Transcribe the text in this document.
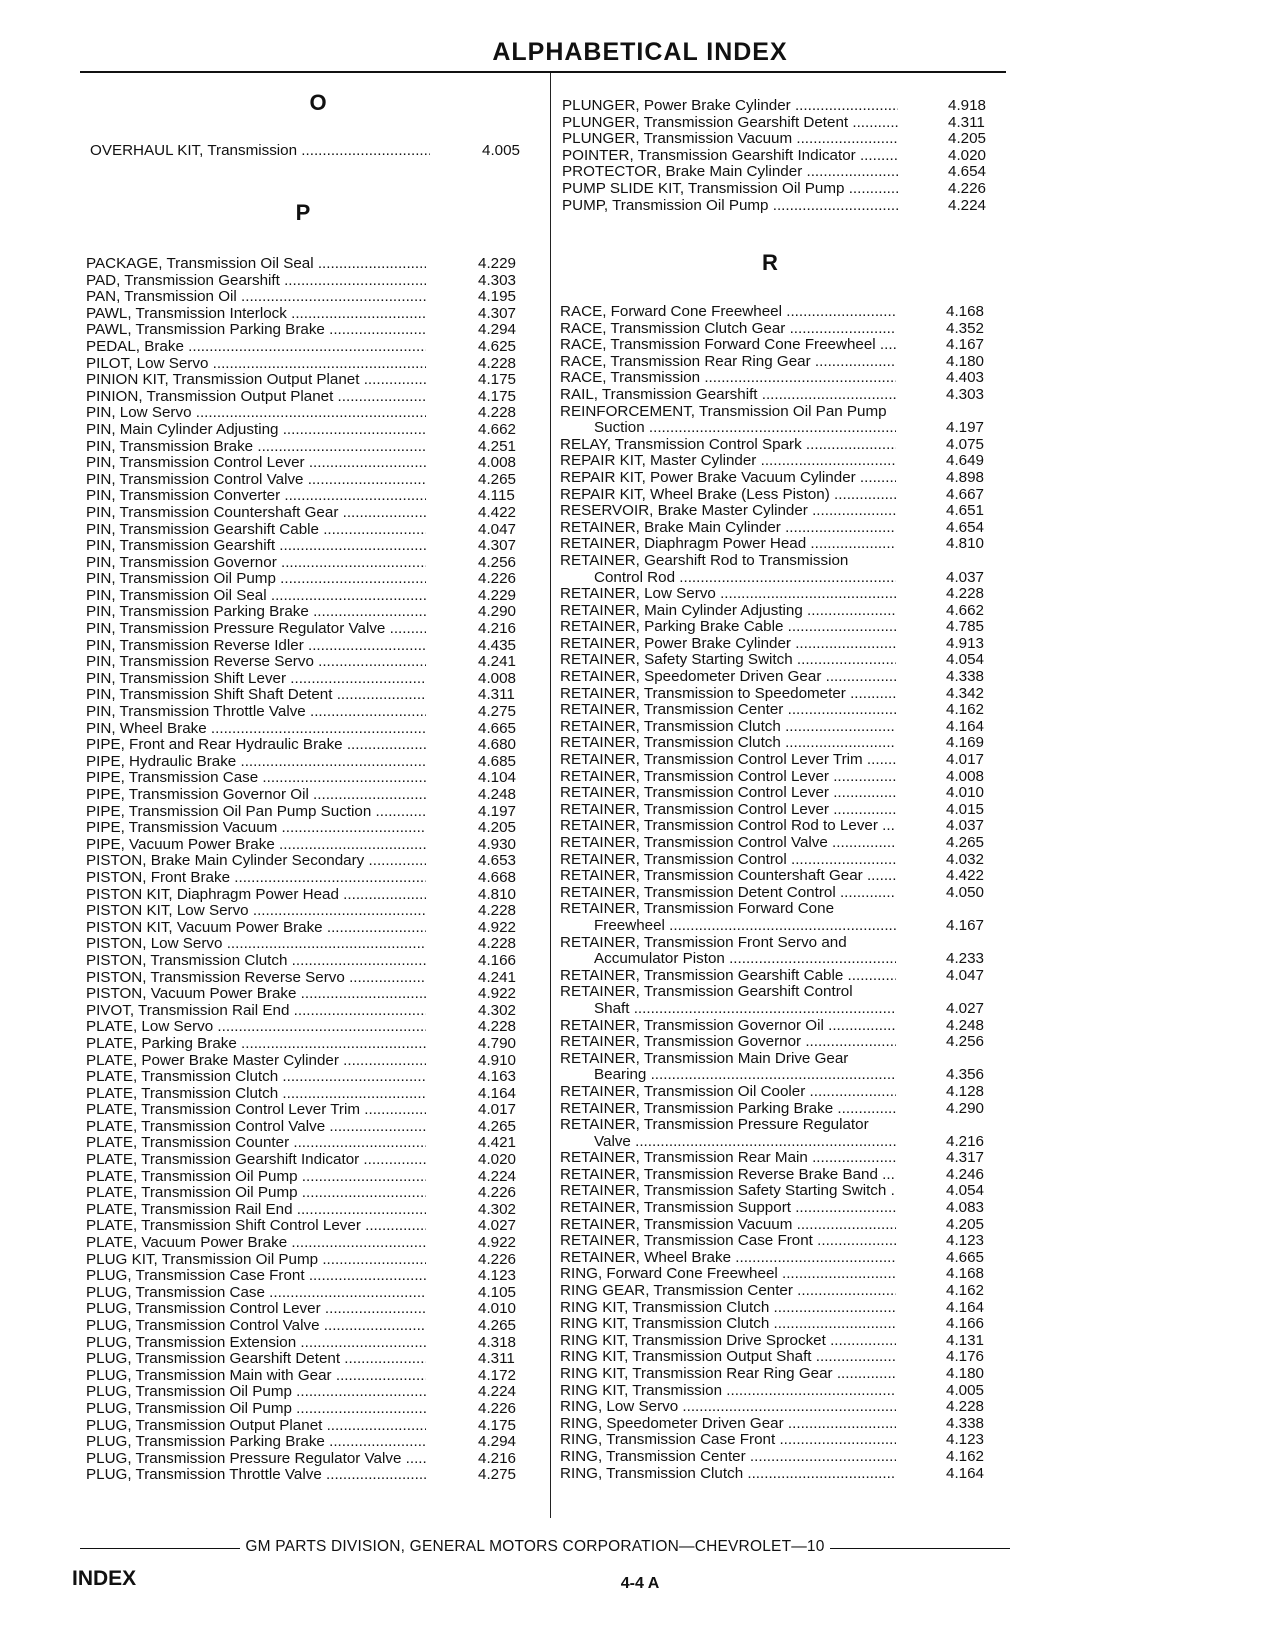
ALPHABETICAL INDEX
O
OVERHAUL KIT, Transmission .....	4.005
P
PACKAGE, Transmission Oil Seal .....	4.229
PAD, Transmission Gearshift .....	4.303
PAN, Transmission Oil .....	4.195
PAWL, Transmission Interlock .....	4.307
PAWL, Transmission Parking Brake .....	4.294
PEDAL, Brake .....	4.625
PILOT, Low Servo .....	4.228
PINION KIT, Transmission Output Planet .....	4.175
PINION, Transmission Output Planet .....	4.175
PIN, Low Servo .....	4.228
PIN, Main Cylinder Adjusting .....	4.662
PIN, Transmission Brake .....	4.251
PIN, Transmission Control Lever .....	4.008
PIN, Transmission Control Valve .....	4.265
PIN, Transmission Converter .....	4.115
PIN, Transmission Countershaft Gear .....	4.422
PIN, Transmission Gearshift Cable .....	4.047
PIN, Transmission Gearshift .....	4.307
PIN, Transmission Governor .....	4.256
PIN, Transmission Oil Pump .....	4.226
PIN, Transmission Oil Seal .....	4.229
PIN, Transmission Parking Brake .....	4.290
PIN, Transmission Pressure Regulator Valve .....	4.216
PIN, Transmission Reverse Idler .....	4.435
PIN, Transmission Reverse Servo .....	4.241
PIN, Transmission Shift Lever .....	4.008
PIN, Transmission Shift Shaft Detent .....	4.311
PIN, Transmission Throttle Valve .....	4.275
PIN, Wheel Brake .....	4.665
PIPE, Front and Rear Hydraulic Brake .....	4.680
PIPE, Hydraulic Brake .....	4.685
PIPE, Transmission Case .....	4.104
PIPE, Transmission Governor Oil .....	4.248
PIPE, Transmission Oil Pan Pump Suction .....	4.197
PIPE, Transmission Vacuum .....	4.205
PIPE, Vacuum Power Brake .....	4.930
PISTON, Brake Main Cylinder Secondary .....	4.653
PISTON, Front Brake .....	4.668
PISTON KIT, Diaphragm Power Head .....	4.810
PISTON KIT, Low Servo .....	4.228
PISTON KIT, Vacuum Power Brake .....	4.922
PISTON, Low Servo .....	4.228
PISTON, Transmission Clutch .....	4.166
PISTON, Transmission Reverse Servo .....	4.241
PISTON, Vacuum Power Brake .....	4.922
PIVOT, Transmission Rail End .....	4.302
PLATE, Low Servo .....	4.228
PLATE, Parking Brake .....	4.790
PLATE, Power Brake Master Cylinder .....	4.910
PLATE, Transmission Clutch .....	4.163
PLATE, Transmission Clutch .....	4.164
PLATE, Transmission Control Lever Trim .....	4.017
PLATE, Transmission Control Valve .....	4.265
PLATE, Transmission Counter .....	4.421
PLATE, Transmission Gearshift Indicator .....	4.020
PLATE, Transmission Oil Pump .....	4.224
PLATE, Transmission Oil Pump .....	4.226
PLATE, Transmission Rail End .....	4.302
PLATE, Transmission Shift Control Lever .....	4.027
PLATE, Vacuum Power Brake .....	4.922
PLUG KIT, Transmission Oil Pump .....	4.226
PLUG, Transmission Case Front .....	4.123
PLUG, Transmission Case .....	4.105
PLUG, Transmission Control Lever .....	4.010
PLUG, Transmission Control Valve .....	4.265
PLUG, Transmission Extension .....	4.318
PLUG, Transmission Gearshift Detent .....	4.311
PLUG, Transmission Main with Gear .....	4.172
PLUG, Transmission Oil Pump .....	4.224
PLUG, Transmission Oil Pump .....	4.226
PLUG, Transmission Output Planet .....	4.175
PLUG, Transmission Parking Brake .....	4.294
PLUG, Transmission Pressure Regulator Valve .....	4.216
PLUG, Transmission Throttle Valve .....	4.275
PLUNGER, Power Brake Cylinder .....	4.918
PLUNGER, Transmission Gearshift Detent .....	4.311
PLUNGER, Transmission Vacuum .....	4.205
POINTER, Transmission Gearshift Indicator .....	4.020
PROTECTOR, Brake Main Cylinder .....	4.654
PUMP SLIDE KIT, Transmission Oil Pump .....	4.226
PUMP, Transmission Oil Pump .....	4.224
R
RACE, Forward Cone Freewheel .....	4.168
RACE, Transmission Clutch Gear .....	4.352
RACE, Transmission Forward Cone Freewheel .....	4.167
RACE, Transmission Rear Ring Gear .....	4.180
RACE, Transmission .....	4.403
RAIL, Transmission Gearshift .....	4.303
REINFORCEMENT, Transmission Oil Pan Pump
Suction .....	4.197
RELAY, Transmission Control Spark .....	4.075
REPAIR KIT, Master Cylinder .....	4.649
REPAIR KIT, Power Brake Vacuum Cylinder .....	4.898
REPAIR KIT, Wheel Brake (Less Piston) .....	4.667
RESERVOIR, Brake Master Cylinder .....	4.651
RETAINER, Brake Main Cylinder .....	4.654
RETAINER, Diaphragm Power Head .....	4.810
RETAINER, Gearshift Rod to Transmission
Control Rod .....	4.037
RETAINER, Low Servo .....	4.228
RETAINER, Main Cylinder Adjusting .....	4.662
RETAINER, Parking Brake Cable .....	4.785
RETAINER, Power Brake Cylinder .....	4.913
RETAINER, Safety Starting Switch .....	4.054
RETAINER, Speedometer Driven Gear .....	4.338
RETAINER, Transmission to Speedometer .....	4.342
RETAINER, Transmission Center .....	4.162
RETAINER, Transmission Clutch .....	4.164
RETAINER, Transmission Clutch .....	4.169
RETAINER, Transmission Control Lever Trim .....	4.017
RETAINER, Transmission Control Lever .....	4.008
RETAINER, Transmission Control Lever .....	4.010
RETAINER, Transmission Control Lever .....	4.015
RETAINER, Transmission Control Rod to Lever .....	4.037
RETAINER, Transmission Control Valve .....	4.265
RETAINER, Transmission Control .....	4.032
RETAINER, Transmission Countershaft Gear .....	4.422
RETAINER, Transmission Detent Control .....	4.050
RETAINER, Transmission Forward Cone
Freewheel .....	4.167
RETAINER, Transmission Front Servo and
Accumulator Piston .....	4.233
RETAINER, Transmission Gearshift Cable .....	4.047
RETAINER, Transmission Gearshift Control
Shaft .....	4.027
RETAINER, Transmission Governor Oil .....	4.248
RETAINER, Transmission Governor .....	4.256
RETAINER, Transmission Main Drive Gear
Bearing .....	4.356
RETAINER, Transmission Oil Cooler .....	4.128
RETAINER, Transmission Parking Brake .....	4.290
RETAINER, Transmission Pressure Regulator
Valve .....	4.216
RETAINER, Transmission Rear Main .....	4.317
RETAINER, Transmission Reverse Brake Band .....	4.246
RETAINER, Transmission Safety Starting Switch .....	4.054
RETAINER, Transmission Support .....	4.083
RETAINER, Transmission Vacuum .....	4.205
RETAINER, Transmission Case Front .....	4.123
RETAINER, Wheel Brake .....	4.665
RING, Forward Cone Freewheel .....	4.168
RING GEAR, Transmission Center .....	4.162
RING KIT, Transmission Clutch .....	4.164
RING KIT, Transmission Clutch .....	4.166
RING KIT, Transmission Drive Sprocket .....	4.131
RING KIT, Transmission Output Shaft .....	4.176
RING KIT, Transmission Rear Ring Gear .....	4.180
RING KIT, Transmission .....	4.005
RING, Low Servo .....	4.228
RING, Speedometer Driven Gear .....	4.338
RING, Transmission Case Front .....	4.123
RING, Transmission Center .....	4.162
RING, Transmission Clutch .....	4.164
GM PARTS DIVISION, GENERAL MOTORS CORPORATION—CHEVROLET—10
INDEX	4-4 A
